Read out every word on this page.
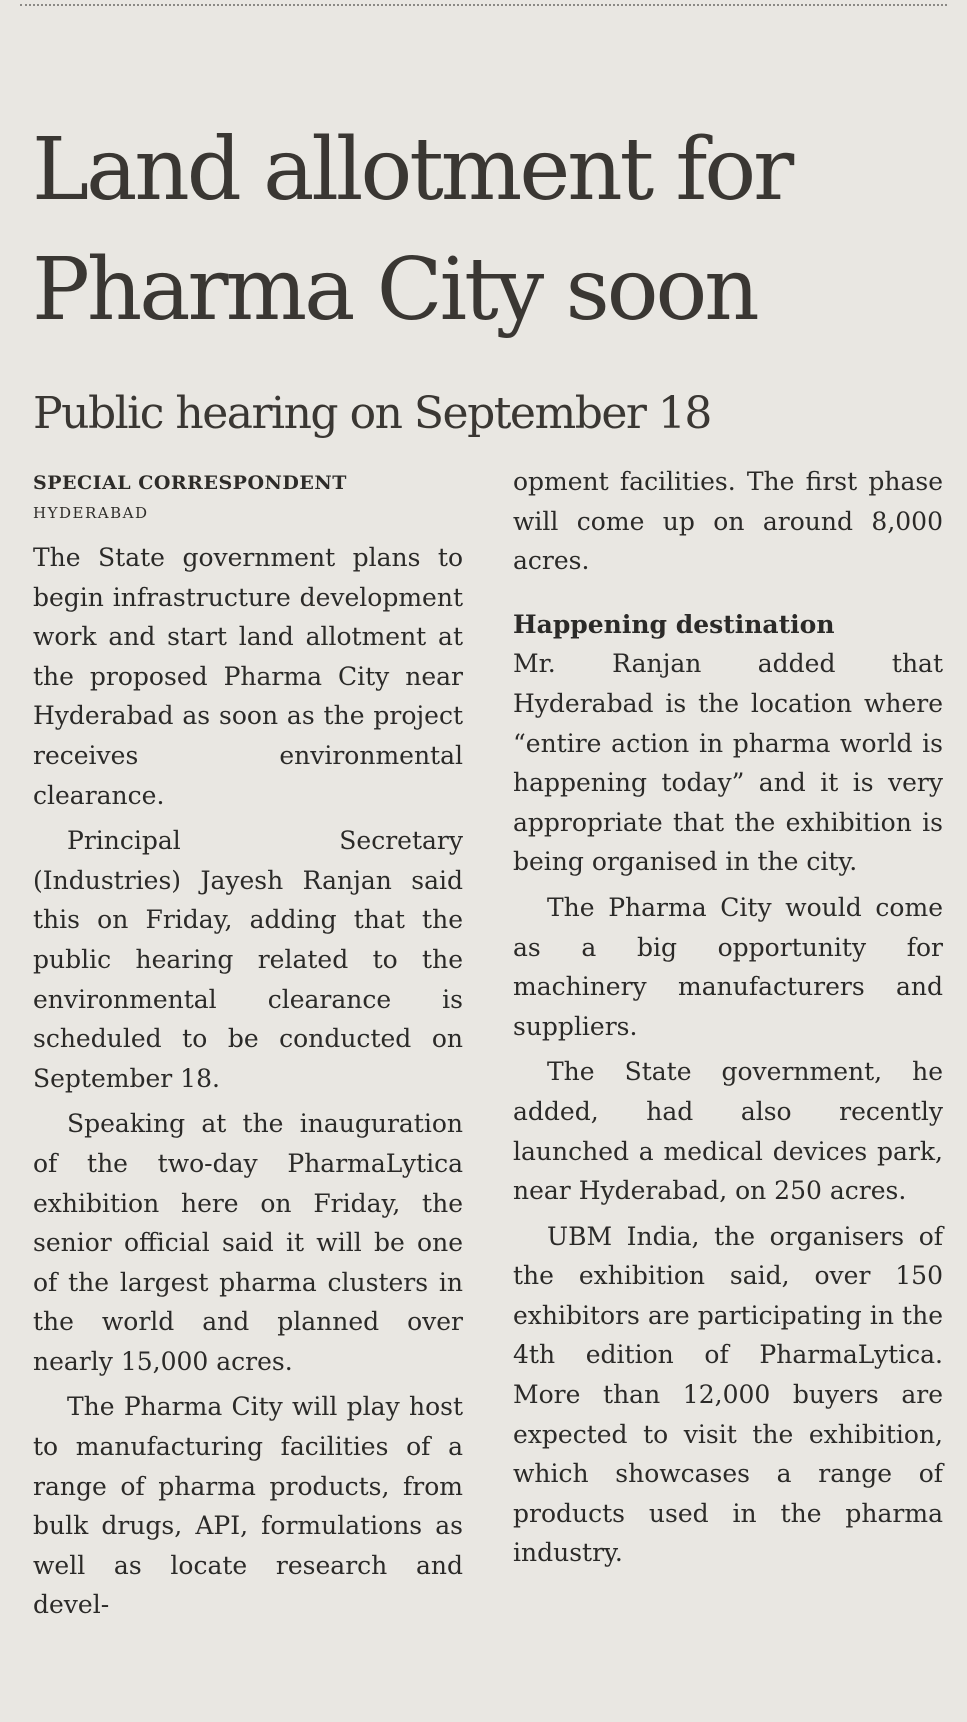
Land allotment for
Pharma City soon
Public hearing on September 18
SPECIAL CORRESPONDENT
HYDERABAD

The State government plans to begin infrastructure development work and start land allotment at the proposed Pharma City near Hyderabad as soon as the project receives environmental clearance.

Principal Secretary (Industries) Jayesh Ranjan said this on Friday, adding that the public hearing related to the environmental clearance is scheduled to be conducted on September 18.

Speaking at the inauguration of the two-day PharmaLytica exhibition here on Friday, the senior official said it will be one of the largest pharma clusters in the world and planned over nearly 15,000 acres.

The Pharma City will play host to manufacturing facilities of a range of pharma products, from bulk drugs, API, formulations as well as locate research and devel-

opment facilities. The first phase will come up on around 8,000 acres.

Happening destination

Mr. Ranjan added that Hyderabad is the location where “entire action in pharma world is happening today” and it is very appropriate that the exhibition is being organised in the city.

The Pharma City would come as a big opportunity for machinery manufacturers and suppliers.

The State government, he added, had also recently launched a medical devices park, near Hyderabad, on 250 acres.

UBM India, the organisers of the exhibition said, over 150 exhibitors are participating in the 4th edition of PharmaLytica. More than 12,000 buyers are expected to visit the exhibition, which showcases a range of products used in the pharma industry.
